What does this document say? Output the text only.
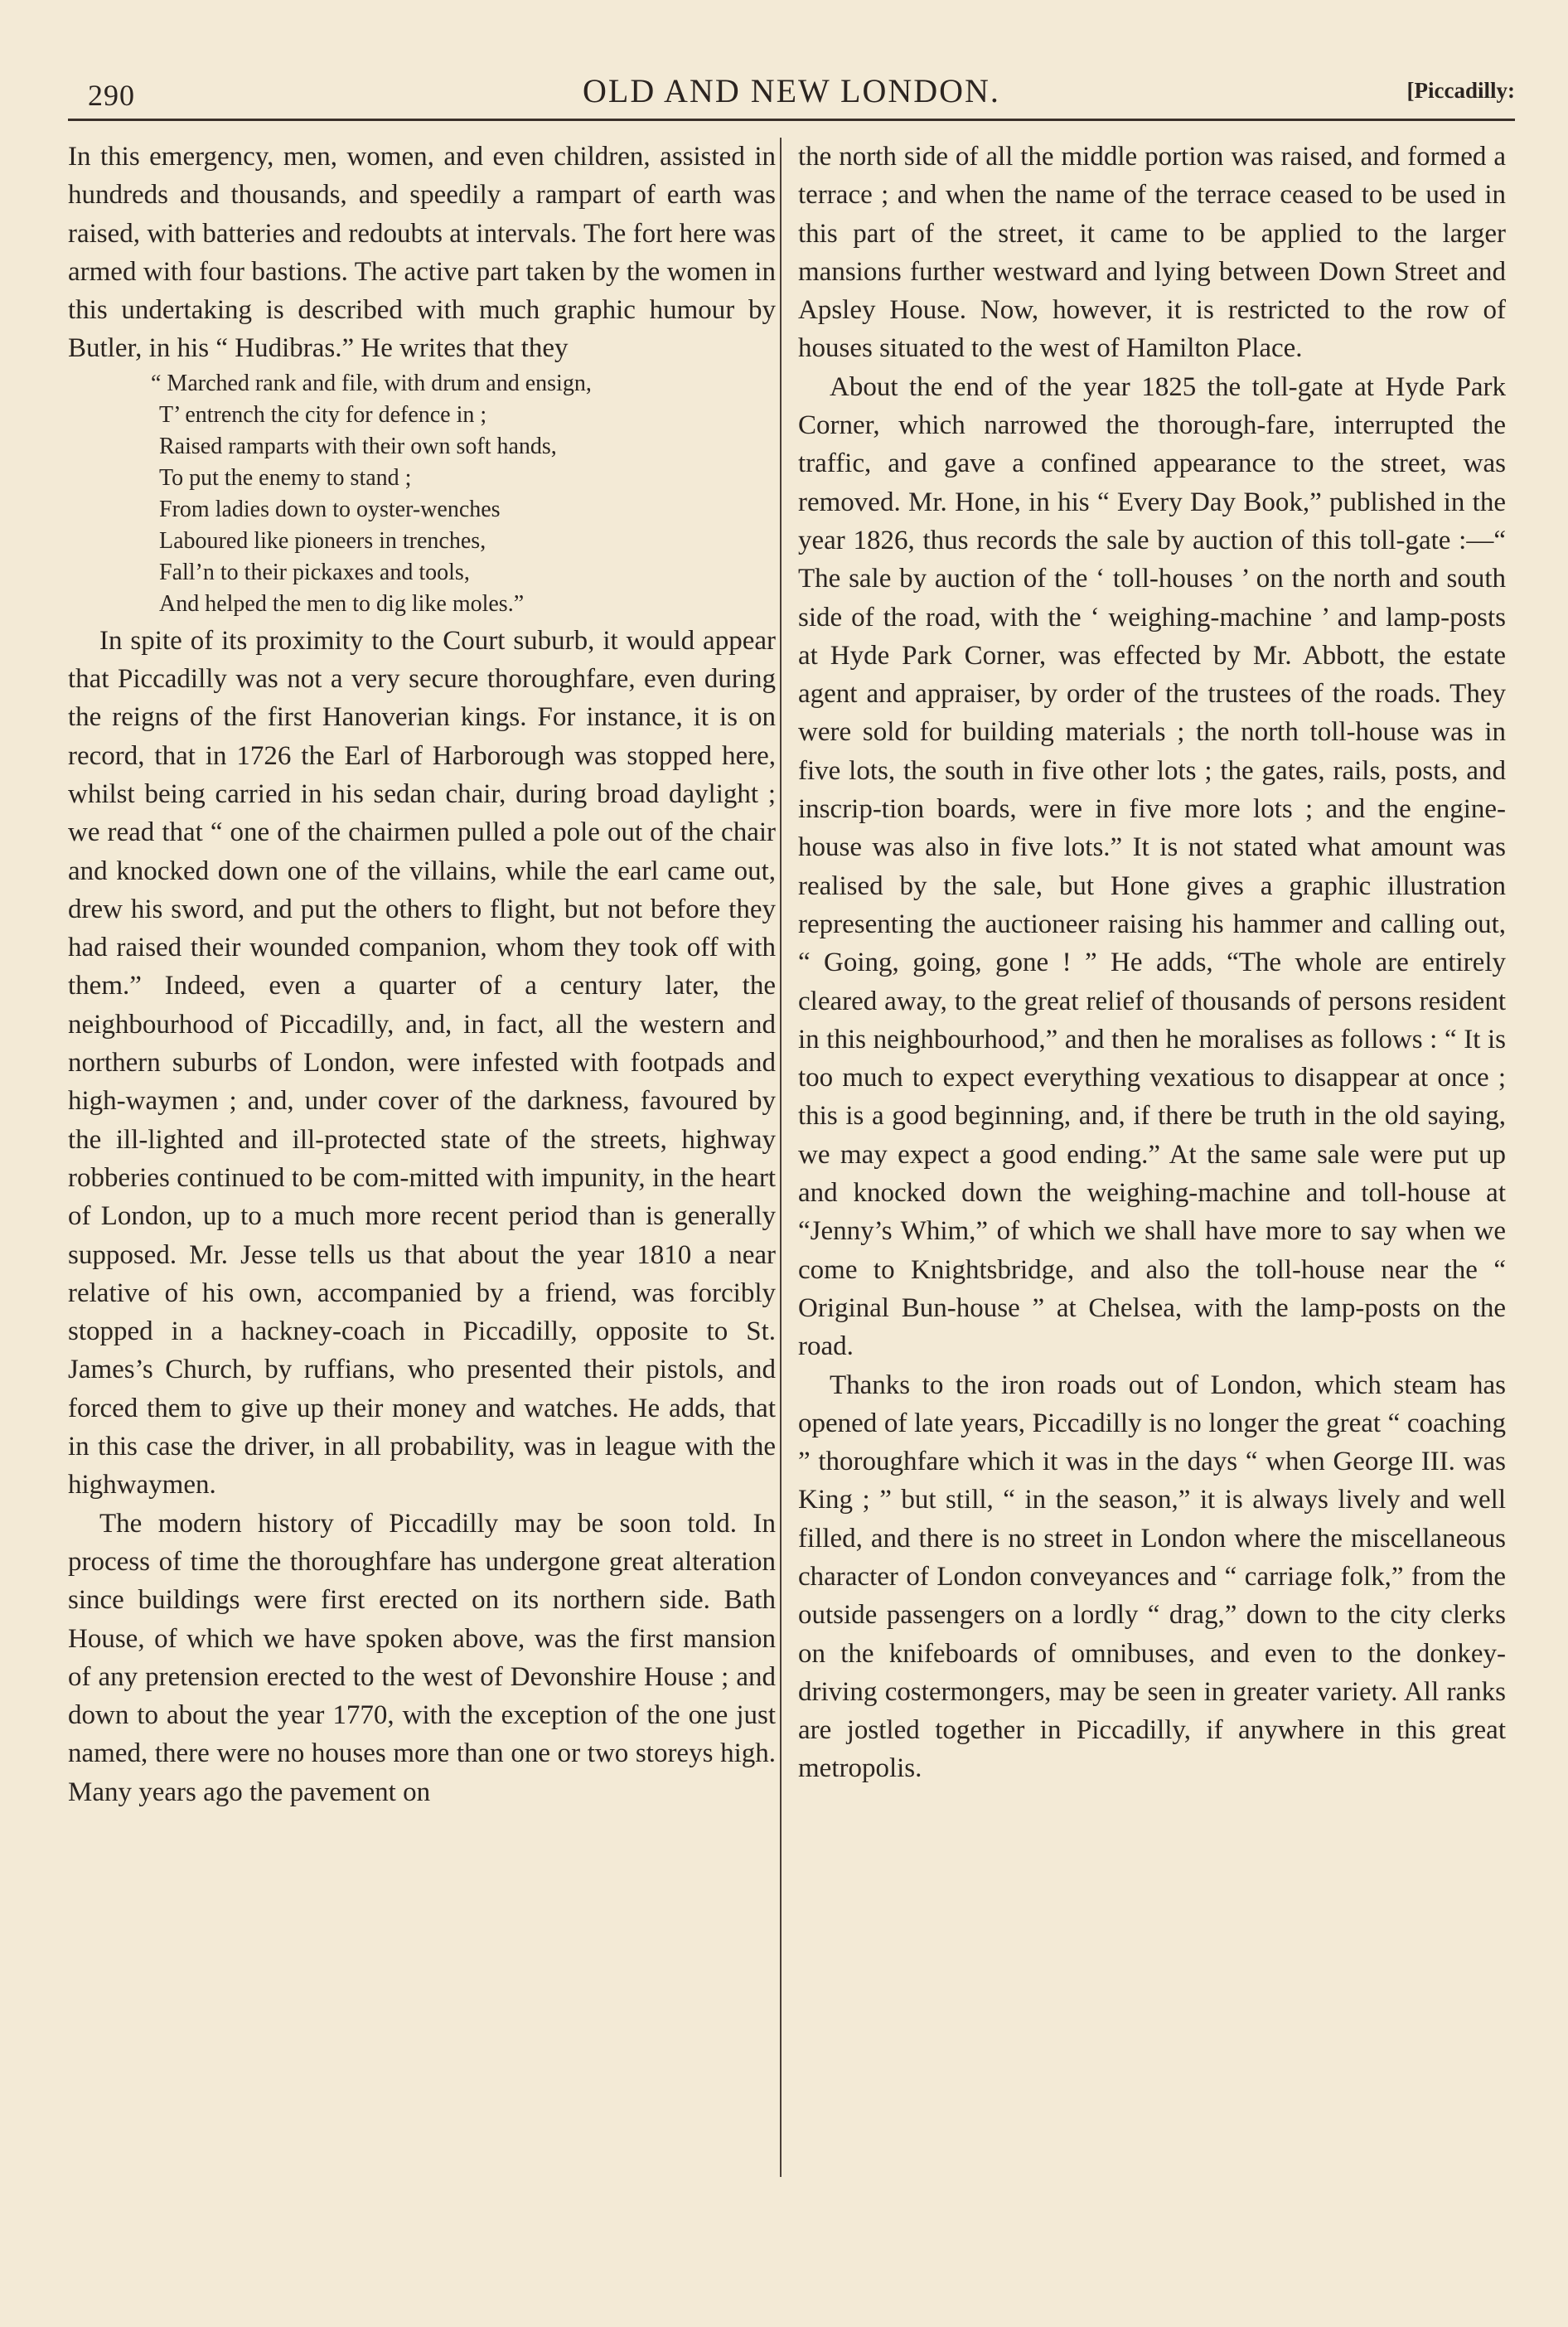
290	OLD AND NEW LONDON.	[Piccadilly:

In this emergency, men, women, and even children, assisted in hundreds and thousands, and speedily a rampart of earth was raised, with batteries and redoubts at intervals. The fort here was armed with four bastions. The active part taken by the women in this undertaking is described with much graphic humour by Butler, in his “ Hudibras.” He writes that they

“ Marched rank and file, with drum and ensign,
T’ entrench the city for defence in ;
Raised ramparts with their own soft hands,
To put the enemy to stand ;
From ladies down to oyster-wenches
Laboured like pioneers in trenches,
Fall’n to their pickaxes and tools,
And helped the men to dig like moles.”

In spite of its proximity to the Court suburb, it would appear that Piccadilly was not a very secure thoroughfare, even during the reigns of the first Hanoverian kings. For instance, it is on record, that in 1726 the Earl of Harborough was stopped here, whilst being carried in his sedan chair, during broad daylight ; we read that “ one of the chairmen pulled a pole out of the chair and knocked down one of the villains, while the earl came out, drew his sword, and put the others to flight, but not before they had raised their wounded companion, whom they took off with them.” Indeed, even a quarter of a century later, the neighbourhood of Piccadilly, and, in fact, all the western and northern suburbs of London, were infested with footpads and high-waymen ; and, under cover of the darkness, favoured by the ill-lighted and ill-protected state of the streets, highway robberies continued to be com-mitted with impunity, in the heart of London, up to a much more recent period than is generally supposed. Mr. Jesse tells us that about the year 1810 a near relative of his own, accompanied by a friend, was forcibly stopped in a hackney-coach in Piccadilly, opposite to St. James’s Church, by ruffians, who presented their pistols, and forced them to give up their money and watches. He adds, that in this case the driver, in all probability, was in league with the highwaymen.

The modern history of Piccadilly may be soon told. In process of time the thoroughfare has undergone great alteration since buildings were first erected on its northern side. Bath House, of which we have spoken above, was the first mansion of any pretension erected to the west of Devonshire House ; and down to about the year 1770, with the exception of the one just named, there were no houses more than one or two storeys high. Many years ago the pavement on

the north side of all the middle portion was raised, and formed a terrace ; and when the name of the terrace ceased to be used in this part of the street, it came to be applied to the larger mansions further westward and lying between Down Street and Apsley House. Now, however, it is restricted to the row of houses situated to the west of Hamilton Place.

About the end of the year 1825 the toll-gate at Hyde Park Corner, which narrowed the thorough-fare, interrupted the traffic, and gave a confined appearance to the street, was removed. Mr. Hone, in his “ Every Day Book,” published in the year 1826, thus records the sale by auction of this toll-gate :—“ The sale by auction of the ‘ toll-houses ’ on the north and south side of the road, with the ‘ weighing-machine ’ and lamp-posts at Hyde Park Corner, was effected by Mr. Abbott, the estate agent and appraiser, by order of the trustees of the roads. They were sold for building materials ; the north toll-house was in five lots, the south in five other lots ; the gates, rails, posts, and inscrip-tion boards, were in five more lots ; and the engine-house was also in five lots.” It is not stated what amount was realised by the sale, but Hone gives a graphic illustration representing the auctioneer raising his hammer and calling out, “ Going, going, gone ! ” He adds, “The whole are entirely cleared away, to the great relief of thousands of persons resident in this neighbourhood,” and then he moralises as follows : “ It is too much to expect everything vexatious to disappear at once ; this is a good beginning, and, if there be truth in the old saying, we may expect a good ending.” At the same sale were put up and knocked down the weighing-machine and toll-house at “Jenny’s Whim,” of which we shall have more to say when we come to Knightsbridge, and also the toll-house near the “ Original Bun-house ” at Chelsea, with the lamp-posts on the road.

Thanks to the iron roads out of London, which steam has opened of late years, Piccadilly is no longer the great “ coaching ” thoroughfare which it was in the days “ when George III. was King ; ” but still, “ in the season,” it is always lively and well filled, and there is no street in London where the miscellaneous character of London conveyances and “ carriage folk,” from the outside passengers on a lordly “ drag,” down to the city clerks on the knifeboards of omnibuses, and even to the donkey-driving costermongers, may be seen in greater variety. All ranks are jostled together in Piccadilly, if anywhere in this great metropolis.
